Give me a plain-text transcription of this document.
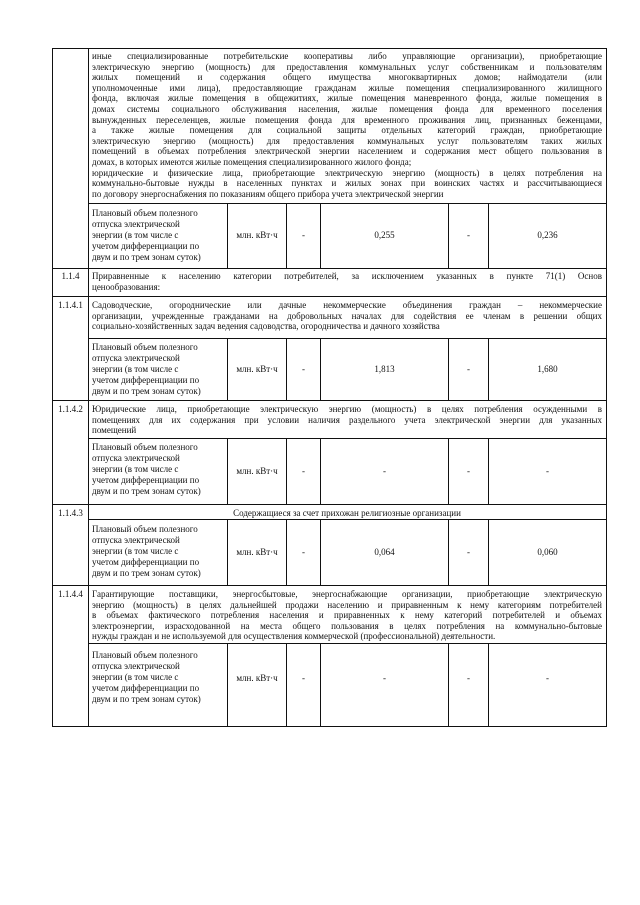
иные специализированные потребительские кооперативы либо управляющие организации), приобретающие
электрическую энергию (мощность) для предоставления коммунальных услуг собственникам и пользователям
жилых помещений и содержания общего имущества многоквартирных домов; наймодатели (или
уполномоченные ими лица), предоставляющие гражданам жилые помещения специализированного жилищного
фонда, включая жилые помещения в общежитиях, жилые помещения маневренного фонда, жилые помещения в
домах системы социального обслуживания населения, жилые помещения фонда для временного поселения
вынужденных переселенцев, жилые помещения фонда для временного проживания лиц, признанных беженцами,
а также жилые помещения для социальной защиты отдельных категорий граждан, приобретающие
электрическую энергию (мощность) для предоставления коммунальных услуг пользователям таких жилых
помещений в объемах потребления электрической энергии населением и содержания мест общего пользования в
домах, в которых имеются жилые помещения специализированного жилого фонда;
юридические и физические лица, приобретающие электрическую энергию (мощность) в целях потребления на
коммунально-бытовые нужды в населенных пунктах и жилых зонах при воинских частях и рассчитывающиеся
по договору энергоснабжения по показаниям общего прибора учета электрической энергии
Плановый объем полезного
отпуска электрической
энергии (в том числе с
учетом дифференциации по
двум и по трем зонам суток)
млн. кВт·ч	-	0,255	-	0,236
1.1.4	Приравненные к населению категории потребителей, за исключением указанных в пункте 71(1) Основ
ценообразования:
1.1.4.1	Садоводческие, огороднические или дачные некоммерческие объединения граждан – некоммерческие
организации, учрежденные гражданами на добровольных началах для содействия ее членам в решении общих
социально-хозяйственных задач ведения садоводства, огородничества и дачного хозяйства
Плановый объем полезного
отпуска электрической
энергии (в том числе с
учетом дифференциации по
двум и по трем зонам суток)
млн. кВт·ч	-	1,813	-	1,680
1.1.4.2	Юридические лица, приобретающие электрическую энергию (мощность) в целях потребления осужденными в
помещениях для их содержания при условии наличия раздельного учета электрической энергии для указанных
помещений
Плановый объем полезного
отпуска электрической
энергии (в том числе с
учетом дифференциации по
двум и по трем зонам суток)
млн. кВт·ч	-	-	-	-
1.1.4.3	Содержащиеся за счет прихожан религиозные организации
Плановый объем полезного
отпуска электрической
энергии (в том числе с
учетом дифференциации по
двум и по трем зонам суток)
млн. кВт·ч	-	0,064	-	0,060
1.1.4.4	Гарантирующие поставщики, энергосбытовые, энергоснабжающие организации, приобретающие электрическую
энергию (мощность) в целях дальнейшей продажи населению и приравненным к нему категориям потребителей
в объемах фактического потребления населения и приравненных к нему категорий потребителей и объемах
электроэнергии, израсходованной на места общего пользования в целях потребления на коммунально-бытовые
нужды граждан и не используемой для осуществления коммерческой (профессиональной) деятельности.
Плановый объем полезного
отпуска электрической
энергии (в том числе с
учетом дифференциации по
двум и по трем зонам суток)
млн. кВт·ч	-	-	-	-
